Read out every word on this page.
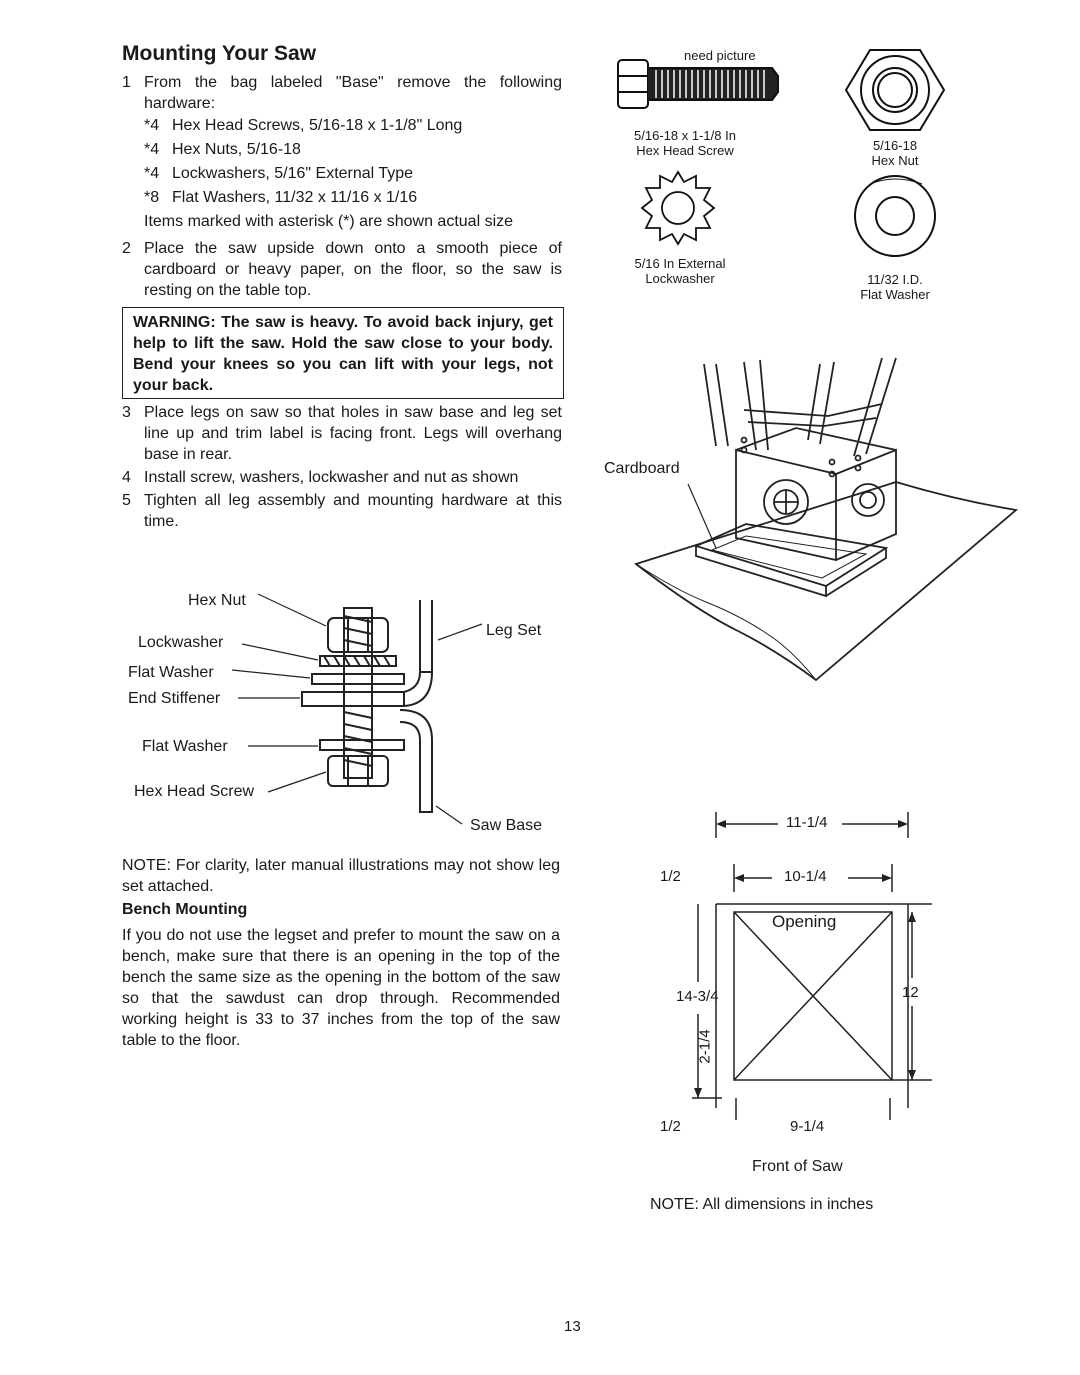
Mounting Your Saw
1 From the bag labeled "Base" remove the following hardware:
*4 Hex Head Screws, 5/16-18 x 1-1/8" Long
*4 Hex Nuts, 5/16-18
*4 Lockwashers, 5/16" External Type
*8 Flat Washers, 11/32 x 11/16 x 1/16
Items marked with asterisk (*) are shown actual size
2 Place the saw upside down onto a smooth piece of cardboard or heavy paper, on the floor, so the saw is resting on the table top.
WARNING: The saw is heavy. To avoid back injury, get help to lift the saw. Hold the saw close to your body. Bend your knees so you can lift with your legs, not your back.
3 Place legs on saw so that holes in saw base and leg set line up and trim label is facing front. Legs will overhang base in rear.
4 Install screw, washers, lockwasher and nut as shown
5 Tighten all leg assembly and mounting hardware at this time.
Hex Nut
Lockwasher
Flat Washer
End Stiffener
Flat Washer
Hex Head Screw
Leg Set
Saw Base
NOTE: For clarity, later manual illustrations may not show leg set attached.
Bench Mounting
If you do not use the legset and prefer to mount the saw on a bench, make sure that there is an opening in the top of the bench the same size as the opening in the bottom of the saw so that the sawdust can drop through. Recommended working height is 33 to 37 inches from the top of the saw table to the floor.
need picture
5/16-18 x 1-1/8 In
Hex Head Screw	5/16-18
Hex Nut
5/16 In External
Lockwasher	11/32 I.D.
Flat Washer
Cardboard
11-1/4
1/2	10-1/4
Opening
14-3/4	12
2-1/4
1/2	9-1/4
Front of Saw
NOTE: All dimensions in inches
13
